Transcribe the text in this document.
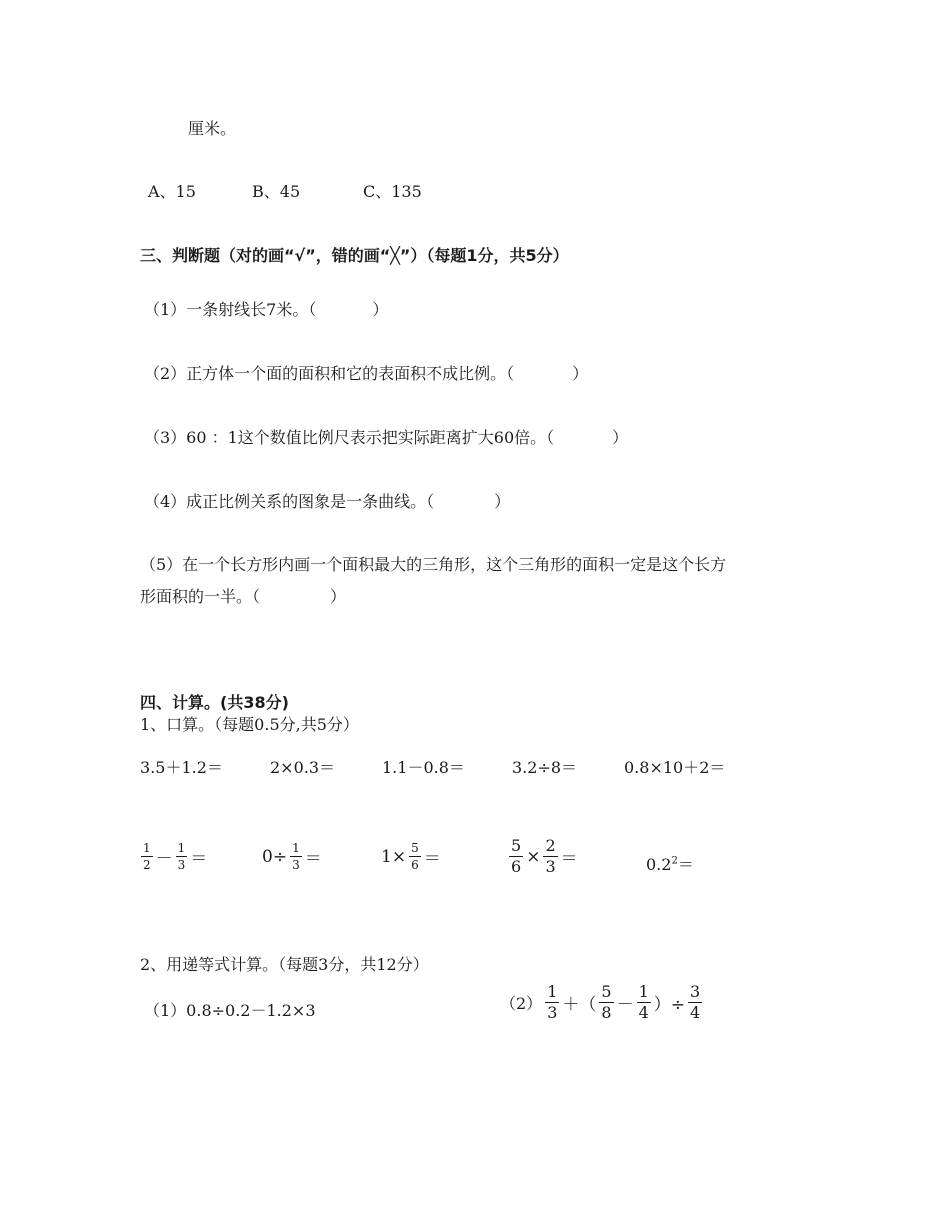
厘米。
A、15	B、45	C、135
三、判断题（对的画“√”，错的画“╳”）（每题1分，共5分）
（1）一条射线长7米。（	）
（2）正方体一个面的面积和它的表面积不成比例。（	）
（3）60 ：1这个数值比例尺表示把实际距离扩大60倍。（	）
（4）成正比例关系的图象是一条曲线。（	）
（5）在一个长方形内画一个面积最大的三角形，这个三角形的面积一定是这个长方
形面积的一半。（	）
四、计算。(共38分)
1、口算。（每题0.5分,共5分）
3.5＋1.2＝	2×0.3＝	1.1－0.8＝	3.2÷8＝	0.8×10＋2＝
$\frac{1}{2} - \frac{1}{3}$ ＝	$0\div \frac{1}{3}$ ＝	$1\times \frac{5}{6}$ ＝	$\frac{5}{6} \times \frac{2}{3}$ ＝	$0.2^2=$
2、用递等式计算。（每题3分，共12分）
（1）0.8÷0.2－1.2×3	$(2) \frac{1}{3}$ ＋（ $\frac{5}{8} - \frac{1}{4}$ ）÷ $\frac{3}{4}$
